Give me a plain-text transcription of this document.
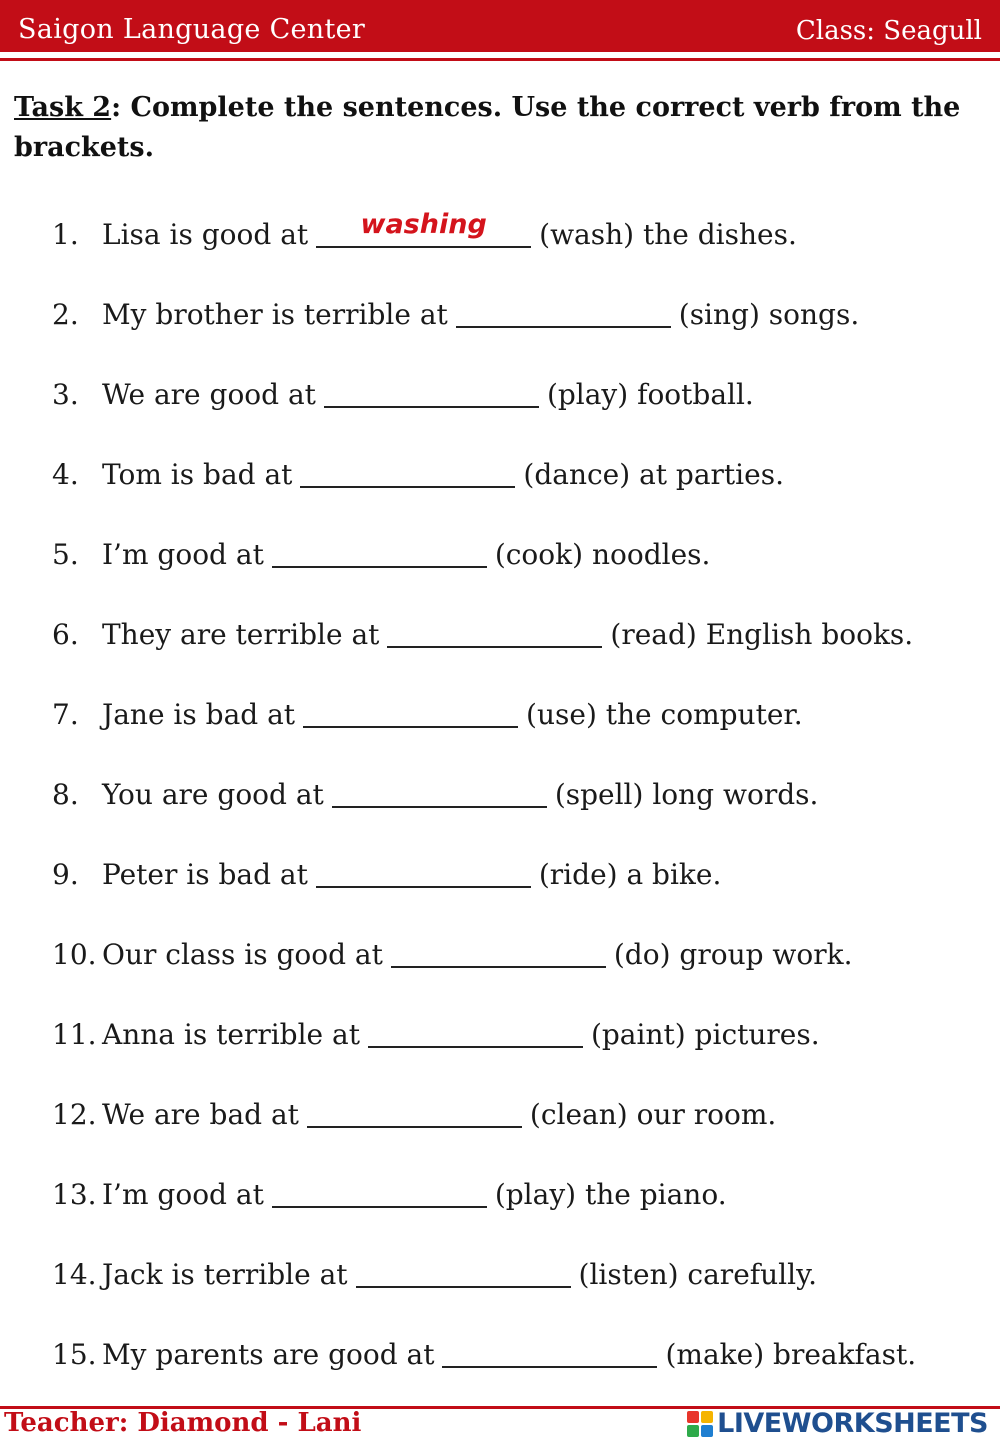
Saigon Language Center	Class: Seagull
Task 2: Complete the sentences. Use the correct verb from the brackets.
1. Lisa is good at	washing	(wash) the dishes.
2. My brother is terrible at	(sing) songs.
3. We are good at	(play) football.
4. Tom is bad at	(dance) at parties.
5. I’m good at	(cook) noodles.
6. They are terrible at	(read) English books.
7. Jane is bad at	(use) the computer.
8. You are good at	(spell) long words.
9. Peter is bad at	(ride) a bike.
10. Our class is good at	(do) group work.
11. Anna is terrible at	(paint) pictures.
12. We are bad at	(clean) our room.
13. I’m good at	(play) the piano.
14. Jack is terrible at	(listen) carefully.
15. My parents are good at	(make) breakfast.
Teacher: Diamond - Lani	LIVEWORKSHEETS
